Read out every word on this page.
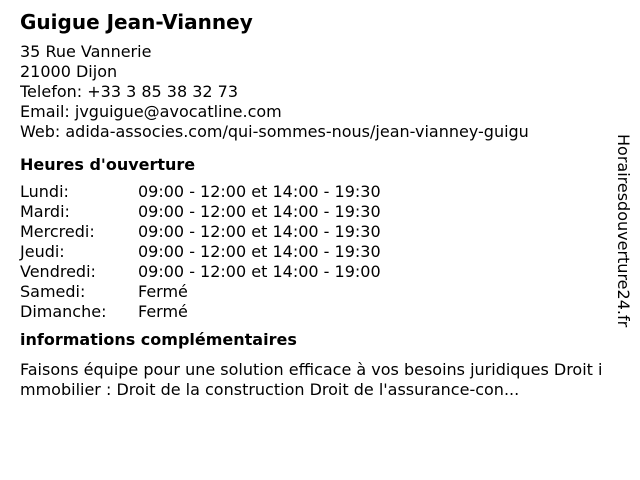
Guigue Jean-Vianney
35 Rue Vannerie
21000 Dijon
Telefon: +33 3 85 38 32 73
Email: jvguigue@avocatline.com
Web: adida-associes.com/qui-sommes-nous/jean-vianney-guigu
Heures d'ouverture
Lundi:	09:00 - 12:00 et 14:00 - 19:30
Mardi:	09:00 - 12:00 et 14:00 - 19:30
Mercredi:	09:00 - 12:00 et 14:00 - 19:30
Jeudi:	09:00 - 12:00 et 14:00 - 19:30
Vendredi:	09:00 - 12:00 et 14:00 - 19:00
Samedi:	Fermé
Dimanche:	Fermé
informations complémentaires
Faisons équipe pour une solution efficace à vos besoins juridiques Droit immobilier : Droit de la construction Droit de l'assurance-con...
Horairesdouverture24.fr
